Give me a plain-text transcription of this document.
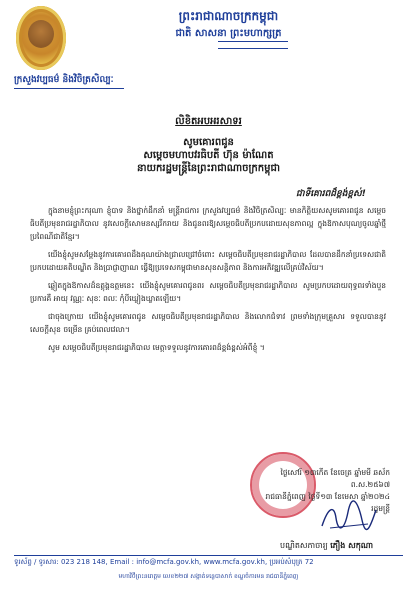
ក្រសួងវប្បធម៌ និងវិចិត្រសិល្បៈ
ព្រះរាជាណាចក្រកម្ពុជា
ជាតិ សាសនា ព្រះមហាក្សត្រ
លិខិតអបអរសាទរ
សូមគោរពជូន
សម្តេចមហាបវរធិបតី ហ៊ុន ម៉ាណែត
នាយករដ្ឋមន្ត្រីនៃព្រះរាជាណាចក្រកម្ពុជា
ជាទីគោរពដ៏ខ្ពង់ខ្ពស់!

ក្នុងនាមខ្ញុំព្រះករុណា ខ្ញុំបាទ និងថ្នាក់ដឹកនាំ មន្ត្រីរាជការ ក្រសួងវប្បធម៌ និងវិចិត្រសិល្បៈ មានកិត្តិយសសូមគោរពជូន សម្តេចធិបតីប្រមុខរាជរដ្ឋាភិបាល នូវសេចក្តីសោមនស្សរីករាយ និងជូនពរឱ្យសម្តេចធិបតីប្រកបដោយសុខភាពល្អ ក្នុងឱកាសបុណ្យចូលឆ្នាំថ្មីប្រពៃណីជាតិខ្មែរ។

យើងខ្ញុំសូមសម្តែងនូវការគោរពដឹងគុណយ៉ាងជ្រាលជ្រៅចំពោះ សម្តេចធិបតីប្រមុខរាជរដ្ឋាភិបាល ដែលបានដឹកនាំប្រទេសជាតិប្រកបដោយគតិបណ្ឌិត និងប្រាជ្ញាញាណ ធ្វើឱ្យប្រទេសកម្ពុជាមានសុខសន្តិភាព និងការអភិវឌ្ឍលើគ្រប់វិស័យ។

ឆ្លៀតក្នុងឱកាសដ៏ឧត្តុង្គឧត្តមនេះ យើងខ្ញុំសូមគោរពជូនពរ សម្តេចធិបតីប្រមុខរាជរដ្ឋាភិបាល សូមប្រកបដោយពុទ្ធពរទាំងបួនប្រការគឺ អាយុ វណ្ណៈ សុខៈ ពលៈ កុំបីឃ្លៀងឃ្លាតឡើយ។

ជាចុងក្រោយ យើងខ្ញុំសូមគោរពជូន សម្តេចធិបតីប្រមុខរាជរដ្ឋាភិបាល និងលោកជំទាវ ព្រមទាំងក្រុមគ្រួសារ ទទួលបាននូវសេចក្តីសុខ ចម្រើន គ្រប់ពេលវេលា។

សូម សម្តេចធិបតីប្រមុខរាជរដ្ឋាភិបាល មេត្តាទទួលនូវការគោរពដ៏ខ្ពង់ខ្ពស់អំពីខ្ញុំ ។

ថ្ងៃសៅរ៍ ១៣កើត ខែចេត្រ ឆ្នាំមមី ឆស័ក ព.ស.២៥៦៧
រាជធានីភ្នំពេញ ថ្ងៃទី១៣ ខែមេសា ឆ្នាំ២០២៤
រដ្ឋមន្ត្រី
បណ្ឌិតសភាចារ្យ ភឿង សកុណា
ទូរស័ព្ទ / ទូរសារ: 023 218 148, Email : info@mcfa.gov.kh, www.mcfa.gov.kh, ប្រអប់សំបុត្រ 72
មហាវិថីព្រះនរោត្តម លេខ២២៧ សង្កាត់ទន្លេបាសាក់ ខណ្ឌចំការមន រាជធានីភ្នំពេញ
